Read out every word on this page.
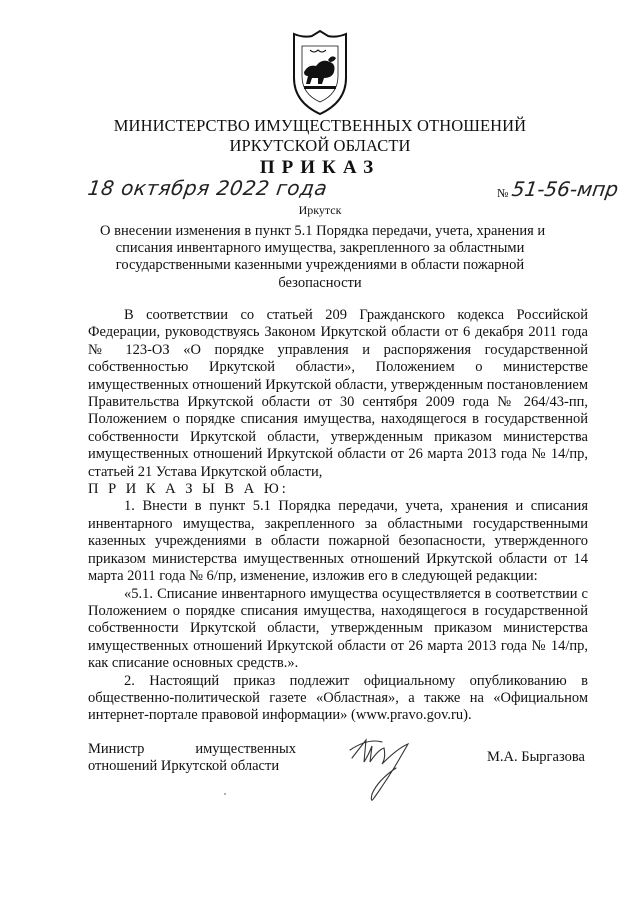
МИНИСТЕРСТВО ИМУЩЕСТВЕННЫХ ОТНОШЕНИЙ
ИРКУТСКОЙ ОБЛАСТИ
ПРИКАЗ
18 октября 2022 года	№ 51-56-мпр
Иркутск
О внесении изменения в пункт 5.1 Порядка передачи, учета, хранения и
списания инвентарного имущества, закрепленного за областными
государственными казенными учреждениями в области пожарной
безопасности

В соответствии со статьей 209 Гражданского кодекса Российской Федерации, руководствуясь Законом Иркутской области от 6 декабря 2011 года № 123-ОЗ «О порядке управления и распоряжения государственной собственностью Иркутской области», Положением о министерстве имущественных отношений Иркутской области, утвержденным постановлением Правительства Иркутской области от 30 сентября 2009 года № 264/43-пп, Положением о порядке списания имущества, находящегося в государственной собственности Иркутской области, утвержденным приказом министерства имущественных отношений Иркутской области от 26 марта 2013 года № 14/пр, статьей 21 Устава Иркутской области,

П Р И К А З Ы В А Ю:

1. Внести в пункт 5.1 Порядка передачи, учета, хранения и списания инвентарного имущества, закрепленного за областными государственными казенных учреждениями в области пожарной безопасности, утвержденного приказом министерства имущественных отношений Иркутской области от 14 марта 2011 года № 6/пр, изменение, изложив его в следующей редакции:

«5.1. Списание инвентарного имущества осуществляется в соответствии с Положением о порядке списания имущества, находящегося в государственной собственности Иркутской области, утвержденным приказом министерства имущественных отношений Иркутской области от 26 марта 2013 года № 14/пр, как списание основных средств.».

2. Настоящий приказ подлежит официальному опубликованию в общественно-политической газете «Областная», а также на «Официальном интернет-портале правовой информации» (www.pravo.gov.ru).

Министр	имущественных
отношений Иркутской области
М.А. Быргазова
